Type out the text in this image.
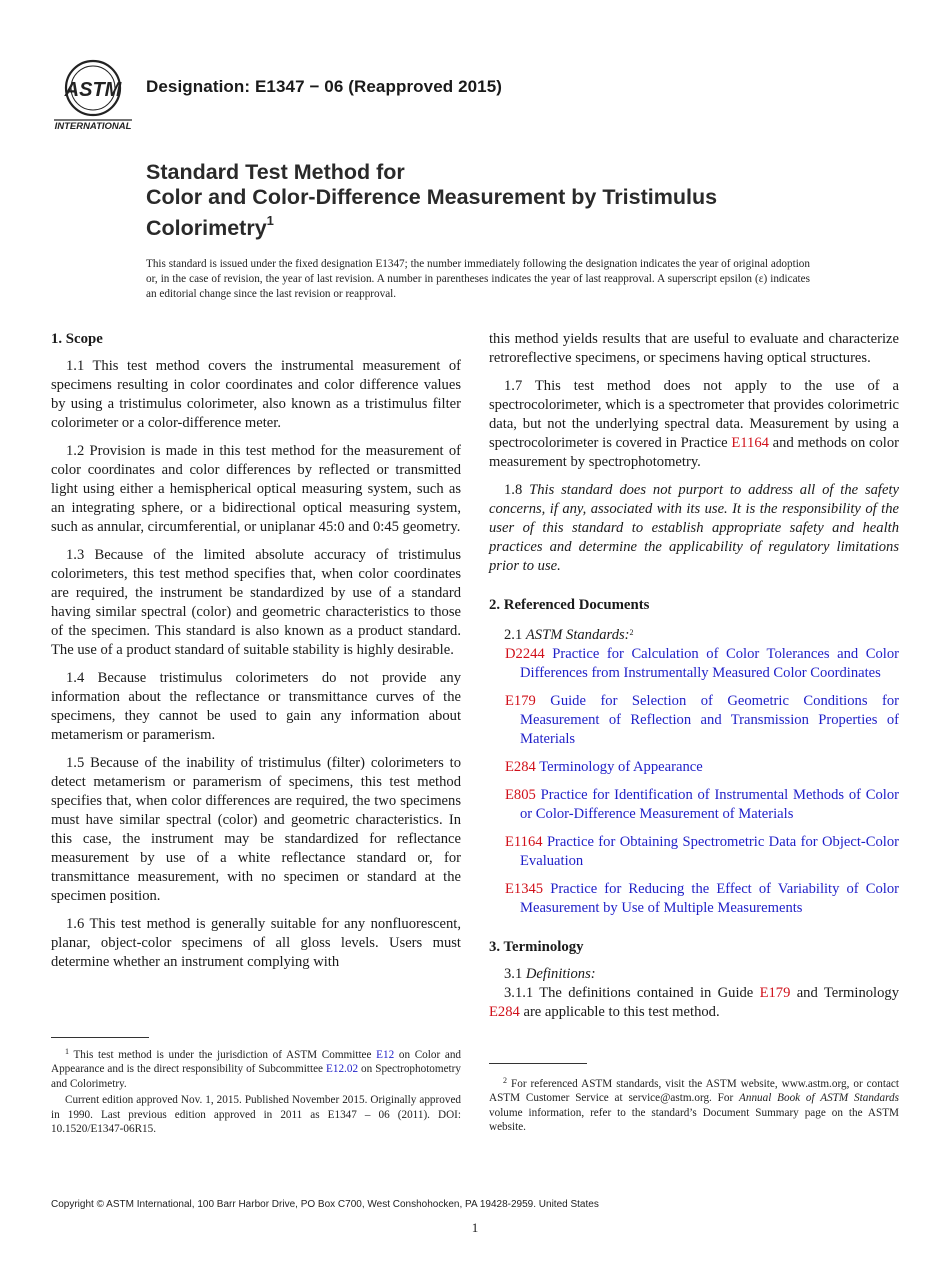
ASTM
INTERNATIONAL
Designation: E1347 − 06 (Reapproved 2015)
Standard Test Method for
Color and Color-Difference Measurement by Tristimulus
Colorimetry$^1$
This standard is issued under the fixed designation E1347; the number immediately following the designation indicates the year of original adoption or, in the case of revision, the year of last revision. A number in parentheses indicates the year of last reapproval. A superscript epsilon (ε) indicates an editorial change since the last revision or reapproval.
1. Scope

1.1 This test method covers the instrumental measurement of specimens resulting in color coordinates and color difference values by using a tristimulus colorimeter, also known as a tristimulus filter colorimeter or a color-difference meter.

1.2 Provision is made in this test method for the measurement of color coordinates and color differences by reflected or transmitted light using either a hemispherical optical measuring system, such as an integrating sphere, or a bidirectional optical measuring system, such as annular, circumferential, or uniplanar 45:0 and 0:45 geometry.

1.3 Because of the limited absolute accuracy of tristimulus colorimeters, this test method specifies that, when color coordinates are required, the instrument be standardized by use of a standard having similar spectral (color) and geometric characteristics to those of the specimen. This standard is also known as a product standard. The use of a product standard of suitable stability is highly desirable.

1.4 Because tristimulus colorimeters do not provide any information about the reflectance or transmittance curves of the specimens, they cannot be used to gain any information about metamerism or paramerism.

1.5 Because of the inability of tristimulus (filter) colorimeters to detect metamerism or paramerism of specimens, this test method specifies that, when color differences are required, the two specimens must have similar spectral (color) and geometric characteristics. In this case, the instrument may be standardized for reflectance measurement by use of a white reflectance standard or, for transmittance measurement, with no specimen or standard at the specimen position.

1.6 This test method is generally suitable for any nonfluorescent, planar, object-color specimens of all gloss levels. Users must determine whether an instrument complying with

this method yields results that are useful to evaluate and characterize retroreflective specimens, or specimens having optical structures.

1.7 This test method does not apply to the use of a spectrocolorimeter, which is a spectrometer that provides colorimetric data, but not the underlying spectral data. Measurement by using a spectrocolorimeter is covered in Practice E1164 and methods on color measurement by spectrophotometry.

1.8 This standard does not purport to address all of the safety concerns, if any, associated with its use. It is the responsibility of the user of this standard to establish appropriate safety and health practices and determine the applicability of regulatory limitations prior to use.

2. Referenced Documents

2.1 ASTM Standards:$^2$

D2244 Practice for Calculation of Color Tolerances and Color Differences from Instrumentally Measured Color Coordinates

E179 Guide for Selection of Geometric Conditions for Measurement of Reflection and Transmission Properties of Materials

E284 Terminology of Appearance

E805 Practice for Identification of Instrumental Methods of Color or Color-Difference Measurement of Materials

E1164 Practice for Obtaining Spectrometric Data for Object-Color Evaluation

E1345 Practice for Reducing the Effect of Variability of Color Measurement by Use of Multiple Measurements

3. Terminology

3.1 Definitions:

3.1.1 The definitions contained in Guide E179 and Terminology E284 are applicable to this test method.

$^1$ This test method is under the jurisdiction of ASTM Committee E12 on Color and Appearance and is the direct responsibility of Subcommittee E12.02 on Spectrophotometry and Colorimetry.

Current edition approved Nov. 1, 2015. Published November 2015. Originally approved in 1990. Last previous edition approved in 2011 as E1347 – 06 (2011). DOI: 10.1520/E1347-06R15.

$^2$ For referenced ASTM standards, visit the ASTM website, www.astm.org, or contact ASTM Customer Service at service@astm.org. For Annual Book of ASTM Standards volume information, refer to the standard’s Document Summary page on the ASTM website.

Copyright © ASTM International, 100 Barr Harbor Drive, PO Box C700, West Conshohocken, PA 19428-2959. United States
1
